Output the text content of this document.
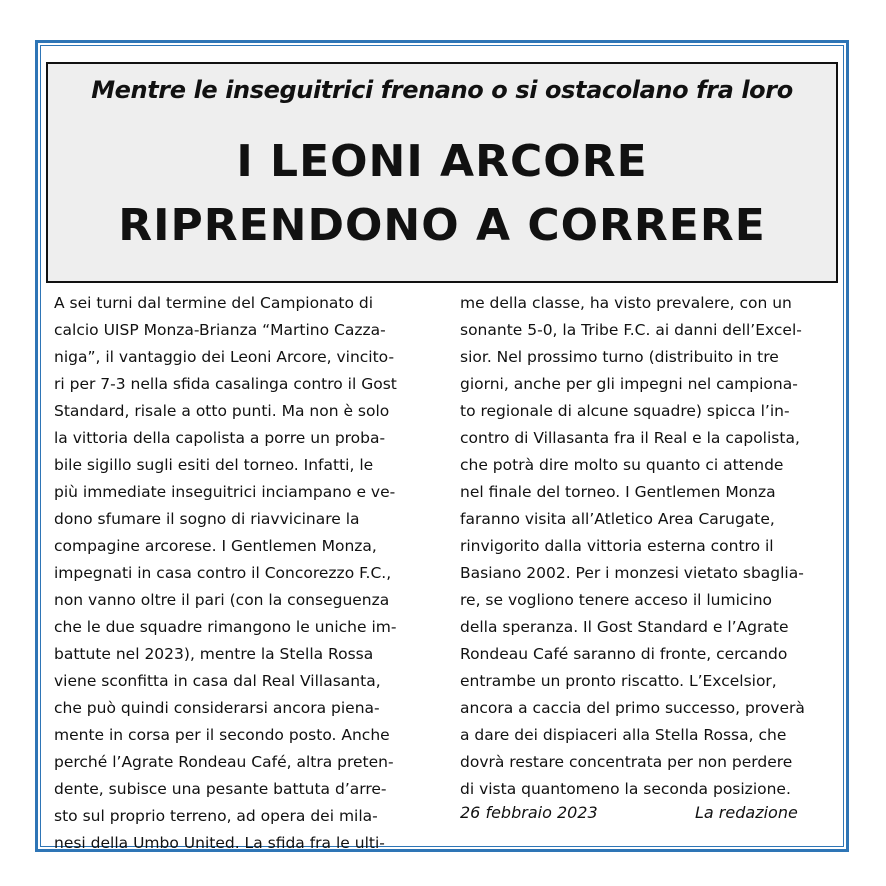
Mentre le inseguitrici frenano o si ostacolano fra loro
I LEONI ARCORE
RIPRENDONO A CORRERE
A sei turni dal termine del Campionato di
calcio UISP Monza-Brianza “Martino Cazza-
niga”, il vantaggio dei Leoni Arcore, vincito-
ri per 7-3 nella sfida casalinga contro il Gost
Standard, risale a otto punti. Ma non è solo
la vittoria della capolista a porre un proba-
bile sigillo sugli esiti del torneo. Infatti, le
più immediate inseguitrici inciampano e ve-
dono sfumare il sogno di riavvicinare la
compagine arcorese. I Gentlemen Monza,
impegnati in casa contro il Concorezzo F.C.,
non vanno oltre il pari (con la conseguenza
che le due squadre rimangono le uniche im-
battute nel 2023), mentre la Stella Rossa
viene sconfitta in casa dal Real Villasanta,
che può quindi considerarsi ancora piena-
mente in corsa per il secondo posto. Anche
perché l’Agrate Rondeau Café, altra preten-
dente, subisce una pesante battuta d’arre-
sto sul proprio terreno, ad opera dei mila-
nesi della Umbo United. La sfida fra le ulti-
me della classe, ha visto prevalere, con un
sonante 5-0, la Tribe F.C. ai danni dell’Excel-
sior. Nel prossimo turno (distribuito in tre
giorni, anche per gli impegni nel campiona-
to regionale di alcune squadre) spicca l’in-
contro di Villasanta fra il Real e la capolista,
che potrà dire molto su quanto ci attende
nel finale del torneo. I Gentlemen Monza
faranno visita all’Atletico Area Carugate,
rinvigorito dalla vittoria esterna contro il
Basiano 2002. Per i monzesi vietato sbaglia-
re, se vogliono tenere acceso il lumicino
della speranza. Il Gost Standard e l’Agrate
Rondeau Café saranno di fronte, cercando
entrambe un pronto riscatto. L’Excelsior,
ancora a caccia del primo successo, proverà
a dare dei dispiaceri alla Stella Rossa, che
dovrà restare concentrata per non perdere
di vista quantomeno la seconda posizione.
26 febbraio 2023	La redazione
